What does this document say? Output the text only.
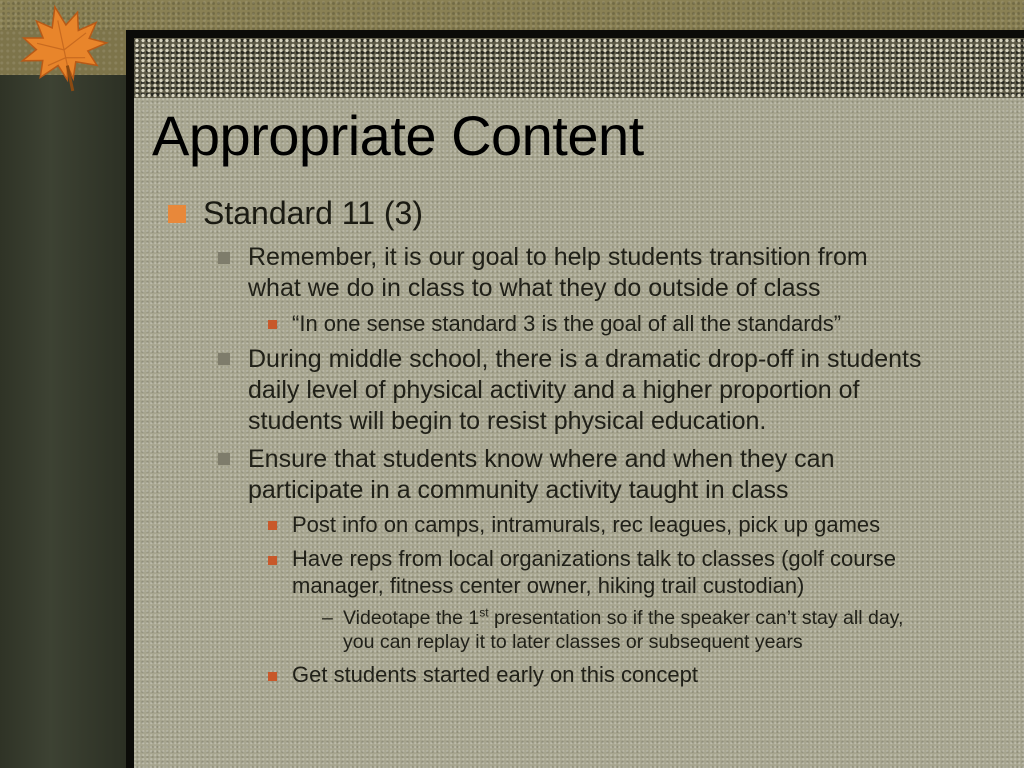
Appropriate Content
Standard 11 (3)
Remember, it is our goal to help students transition from
what we do in class to what they do outside of class
“In one sense standard 3 is the goal of all the standards”
During middle school, there is a dramatic drop-off in students
daily level of physical activity and a higher proportion of
students will begin to resist physical education.
Ensure that students know where and when they can
participate in a community activity taught in class
Post info on camps, intramurals, rec leagues, pick up games
Have reps from local organizations talk to classes (golf course
manager, fitness center owner, hiking trail custodian)
– Videotape the 1st presentation so if the speaker can’t stay all day,
you can replay it to later classes or subsequent years
Get students started early on this concept
